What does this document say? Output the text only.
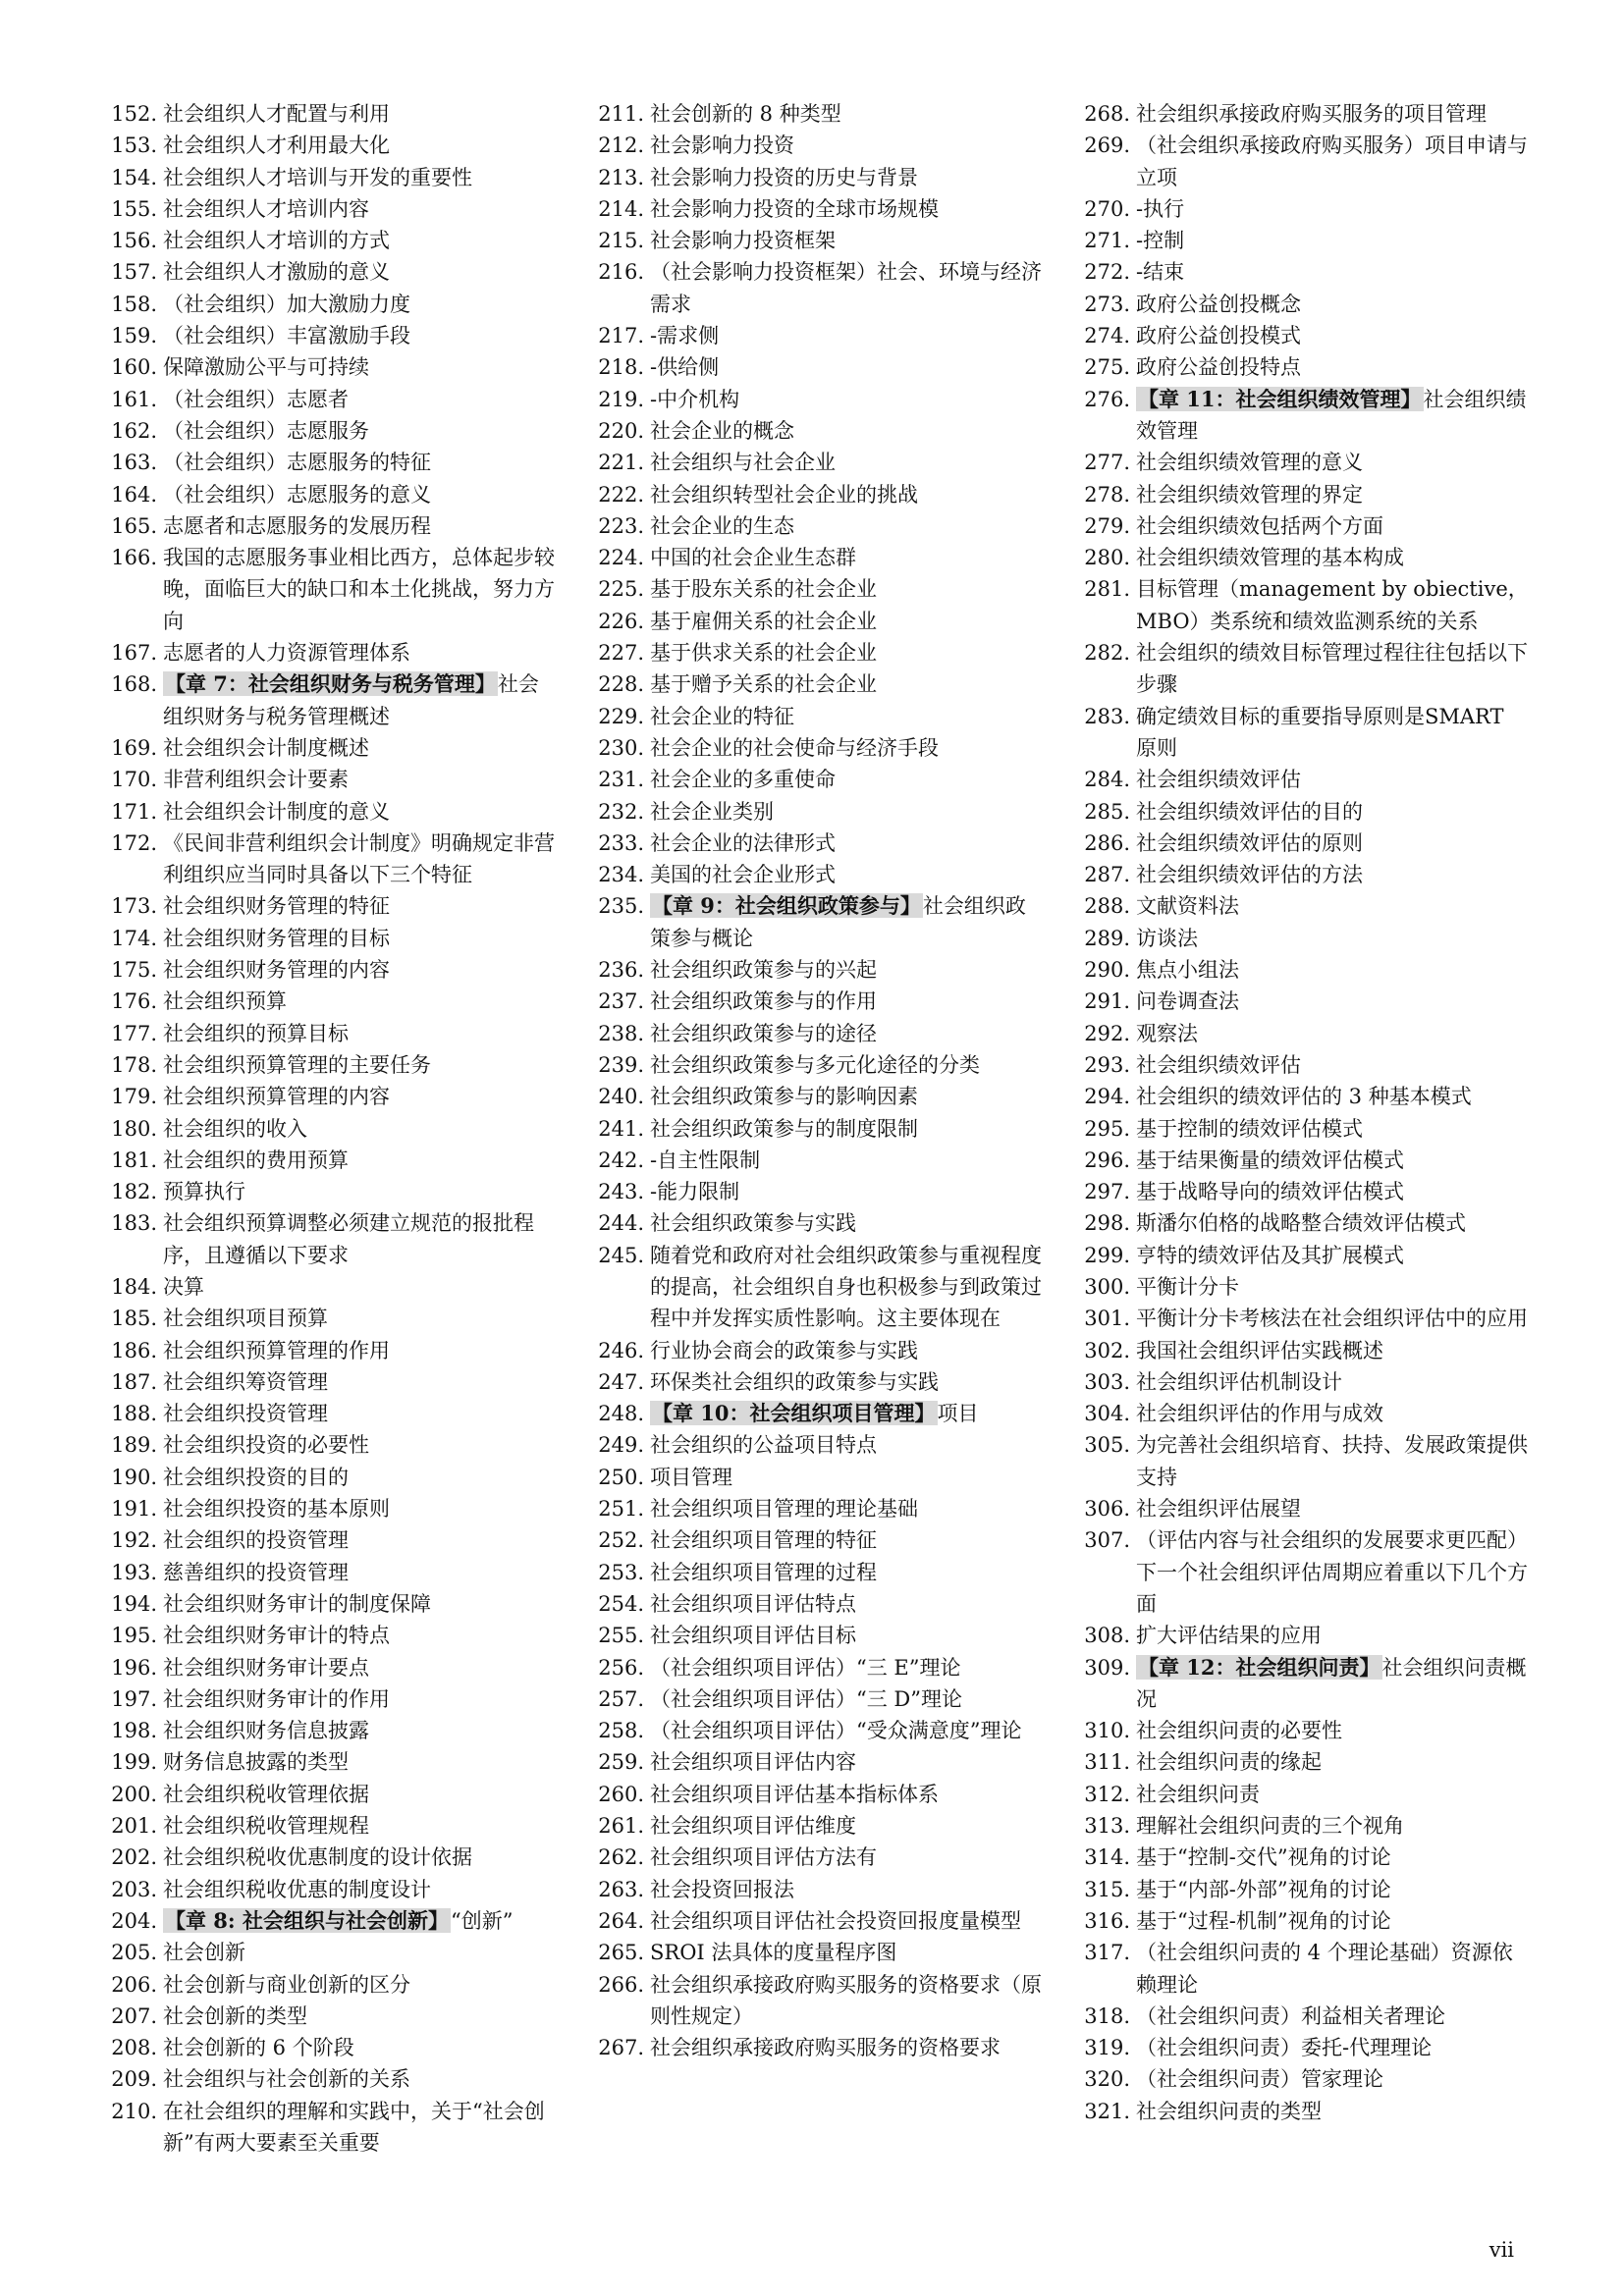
152. 社会组织人才配置与利用
153. 社会组织人才利用最大化
154. 社会组织人才培训与开发的重要性
155. 社会组织人才培训内容
156. 社会组织人才培训的方式
157. 社会组织人才激励的意义
158. （社会组织）加大激励力度
159. （社会组织）丰富激励手段
160. 保障激励公平与可持续
161. （社会组织）志愿者
162. （社会组织）志愿服务
163. （社会组织）志愿服务的特征
164. （社会组织）志愿服务的意义
165. 志愿者和志愿服务的发展历程
166. 我国的志愿服务事业相比西方，总体起步较晚，面临巨大的缺口和本土化挑战，努力方向
167. 志愿者的人力资源管理体系
168. 【章 7：社会组织财务与税务管理】社会组织财务与税务管理概述
169. 社会组织会计制度概述
170. 非营利组织会计要素
171. 社会组织会计制度的意义
172. 《民间非营利组织会计制度》明确规定非营利组织应当同时具备以下三个特征
173. 社会组织财务管理的特征
174. 社会组织财务管理的目标
175. 社会组织财务管理的内容
176. 社会组织预算
177. 社会组织的预算目标
178. 社会组织预算管理的主要任务
179. 社会组织预算管理的内容
180. 社会组织的收入
181. 社会组织的费用预算
182. 预算执行
183. 社会组织预算调整必须建立规范的报批程序，且遵循以下要求
184. 决算
185. 社会组织项目预算
186. 社会组织预算管理的作用
187. 社会组织筹资管理
188. 社会组织投资管理
189. 社会组织投资的必要性
190. 社会组织投资的目的
191. 社会组织投资的基本原则
192. 社会组织的投资管理
193. 慈善组织的投资管理
194. 社会组织财务审计的制度保障
195. 社会组织财务审计的特点
196. 社会组织财务审计要点
197. 社会组织财务审计的作用
198. 社会组织财务信息披露
199. 财务信息披露的类型
200. 社会组织税收管理依据
201. 社会组织税收管理规程
202. 社会组织税收优惠制度的设计依据
203. 社会组织税收优惠的制度设计
204. 【章 8: 社会组织与社会创新】“创新”
205. 社会创新
206. 社会创新与商业创新的区分
207. 社会创新的类型
208. 社会创新的 6 个阶段
209. 社会组织与社会创新的关系
210. 在社会组织的理解和实践中，关于“社会创新”有两大要素至关重要
211. 社会创新的 8 种类型
212. 社会影响力投资
213. 社会影响力投资的历史与背景
214. 社会影响力投资的全球市场规模
215. 社会影响力投资框架
216. （社会影响力投资框架）社会、环境与经济需求
217. -需求侧
218. -供给侧
219. -中介机构
220. 社会企业的概念
221. 社会组织与社会企业
222. 社会组织转型社会企业的挑战
223. 社会企业的生态
224. 中国的社会企业生态群
225. 基于股东关系的社会企业
226. 基于雇佣关系的社会企业
227. 基于供求关系的社会企业
228. 基于赠予关系的社会企业
229. 社会企业的特征
230. 社会企业的社会使命与经济手段
231. 社会企业的多重使命
232. 社会企业类别
233. 社会企业的法律形式
234. 美国的社会企业形式
235. 【章 9：社会组织政策参与】社会组织政策参与概论
236. 社会组织政策参与的兴起
237. 社会组织政策参与的作用
238. 社会组织政策参与的途径
239. 社会组织政策参与多元化途径的分类
240. 社会组织政策参与的影响因素
241. 社会组织政策参与的制度限制
242. -自主性限制
243. -能力限制
244. 社会组织政策参与实践
245. 随着党和政府对社会组织政策参与重视程度的提高，社会组织自身也积极参与到政策过程中并发挥实质性影响。这主要体现在
246. 行业协会商会的政策参与实践
247. 环保类社会组织的政策参与实践
248. 【章 10：社会组织项目管理】项目
249. 社会组织的公益项目特点
250. 项目管理
251. 社会组织项目管理的理论基础
252. 社会组织项目管理的特征
253. 社会组织项目管理的过程
254. 社会组织项目评估特点
255. 社会组织项目评估目标
256. （社会组织项目评估）“三 E”理论
257. （社会组织项目评估）“三 D”理论
258. （社会组织项目评估）“受众满意度”理论
259. 社会组织项目评估内容
260. 社会组织项目评估基本指标体系
261. 社会组织项目评估维度
262. 社会组织项目评估方法有
263. 社会投资回报法
264. 社会组织项目评估社会投资回报度量模型
265. SROI 法具体的度量程序图
266. 社会组织承接政府购买服务的资格要求（原则性规定）
267. 社会组织承接政府购买服务的资格要求
268. 社会组织承接政府购买服务的项目管理
269. （社会组织承接政府购买服务）项目申请与立项
270. -执行
271. -控制
272. -结束
273. 政府公益创投概念
274. 政府公益创投模式
275. 政府公益创投特点
276. 【章 11：社会组织绩效管理】社会组织绩效管理
277. 社会组织绩效管理的意义
278. 社会组织绩效管理的界定
279. 社会组织绩效包括两个方面
280. 社会组织绩效管理的基本构成
281. 目标管理（management by obiective，MBO）类系统和绩效监测系统的关系
282. 社会组织的绩效目标管理过程往往包括以下步骤
283. 确定绩效目标的重要指导原则是SMART 原则
284. 社会组织绩效评估
285. 社会组织绩效评估的目的
286. 社会组织绩效评估的原则
287. 社会组织绩效评估的方法
288. 文献资料法
289. 访谈法
290. 焦点小组法
291. 问卷调查法
292. 观察法
293. 社会组织绩效评估
294. 社会组织的绩效评估的 3 种基本模式
295. 基于控制的绩效评估模式
296. 基于结果衡量的绩效评估模式
297. 基于战略导向的绩效评估模式
298. 斯潘尔伯格的战略整合绩效评估模式
299. 亨特的绩效评估及其扩展模式
300. 平衡计分卡
301. 平衡计分卡考核法在社会组织评估中的应用
302. 我国社会组织评估实践概述
303. 社会组织评估机制设计
304. 社会组织评估的作用与成效
305. 为完善社会组织培育、扶持、发展政策提供支持
306. 社会组织评估展望
307. （评估内容与社会组织的发展要求更匹配）下一个社会组织评估周期应着重以下几个方面
308. 扩大评估结果的应用
309. 【章 12：社会组织问责】社会组织问责概况
310. 社会组织问责的必要性
311. 社会组织问责的缘起
312. 社会组织问责
313. 理解社会组织问责的三个视角
314. 基于“控制-交代”视角的讨论
315. 基于“内部-外部”视角的讨论
316. 基于“过程-机制”视角的讨论
317. （社会组织问责的 4 个理论基础）资源依赖理论
318. （社会组织问责）利益相关者理论
319. （社会组织问责）委托-代理理论
320. （社会组织问责）管家理论
321. 社会组织问责的类型
vii
